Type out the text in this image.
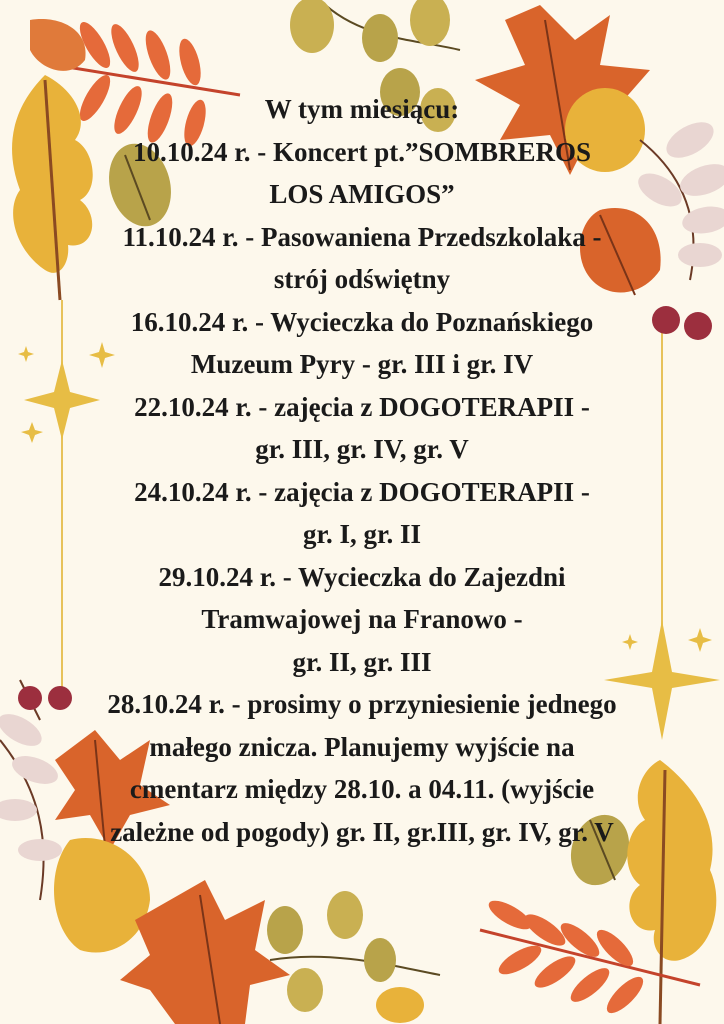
W tym miesiącu:
10.10.24 r. - Koncert pt.”SOMBREROS
LOS AMIGOS”
11.10.24 r. - Pasowaniena Przedszkolaka -
strój odświętny
16.10.24 r. - Wycieczka do Poznańskiego
Muzeum Pyry - gr. III i gr. IV
22.10.24 r. - zajęcia z DOGOTERAPII -
gr. III, gr. IV, gr. V
24.10.24 r. - zajęcia z DOGOTERAPII -
gr. I, gr. II
29.10.24 r. - Wycieczka do Zajezdni
Tramwajowej na Franowo -
gr. II, gr. III
28.10.24 r. - prosimy o przyniesienie jednego
małego znicza. Planujemy wyjście na
cmentarz między 28.10. a 04.11. (wyjście
zależne od pogody) gr. II, gr.III, gr. IV, gr. V
